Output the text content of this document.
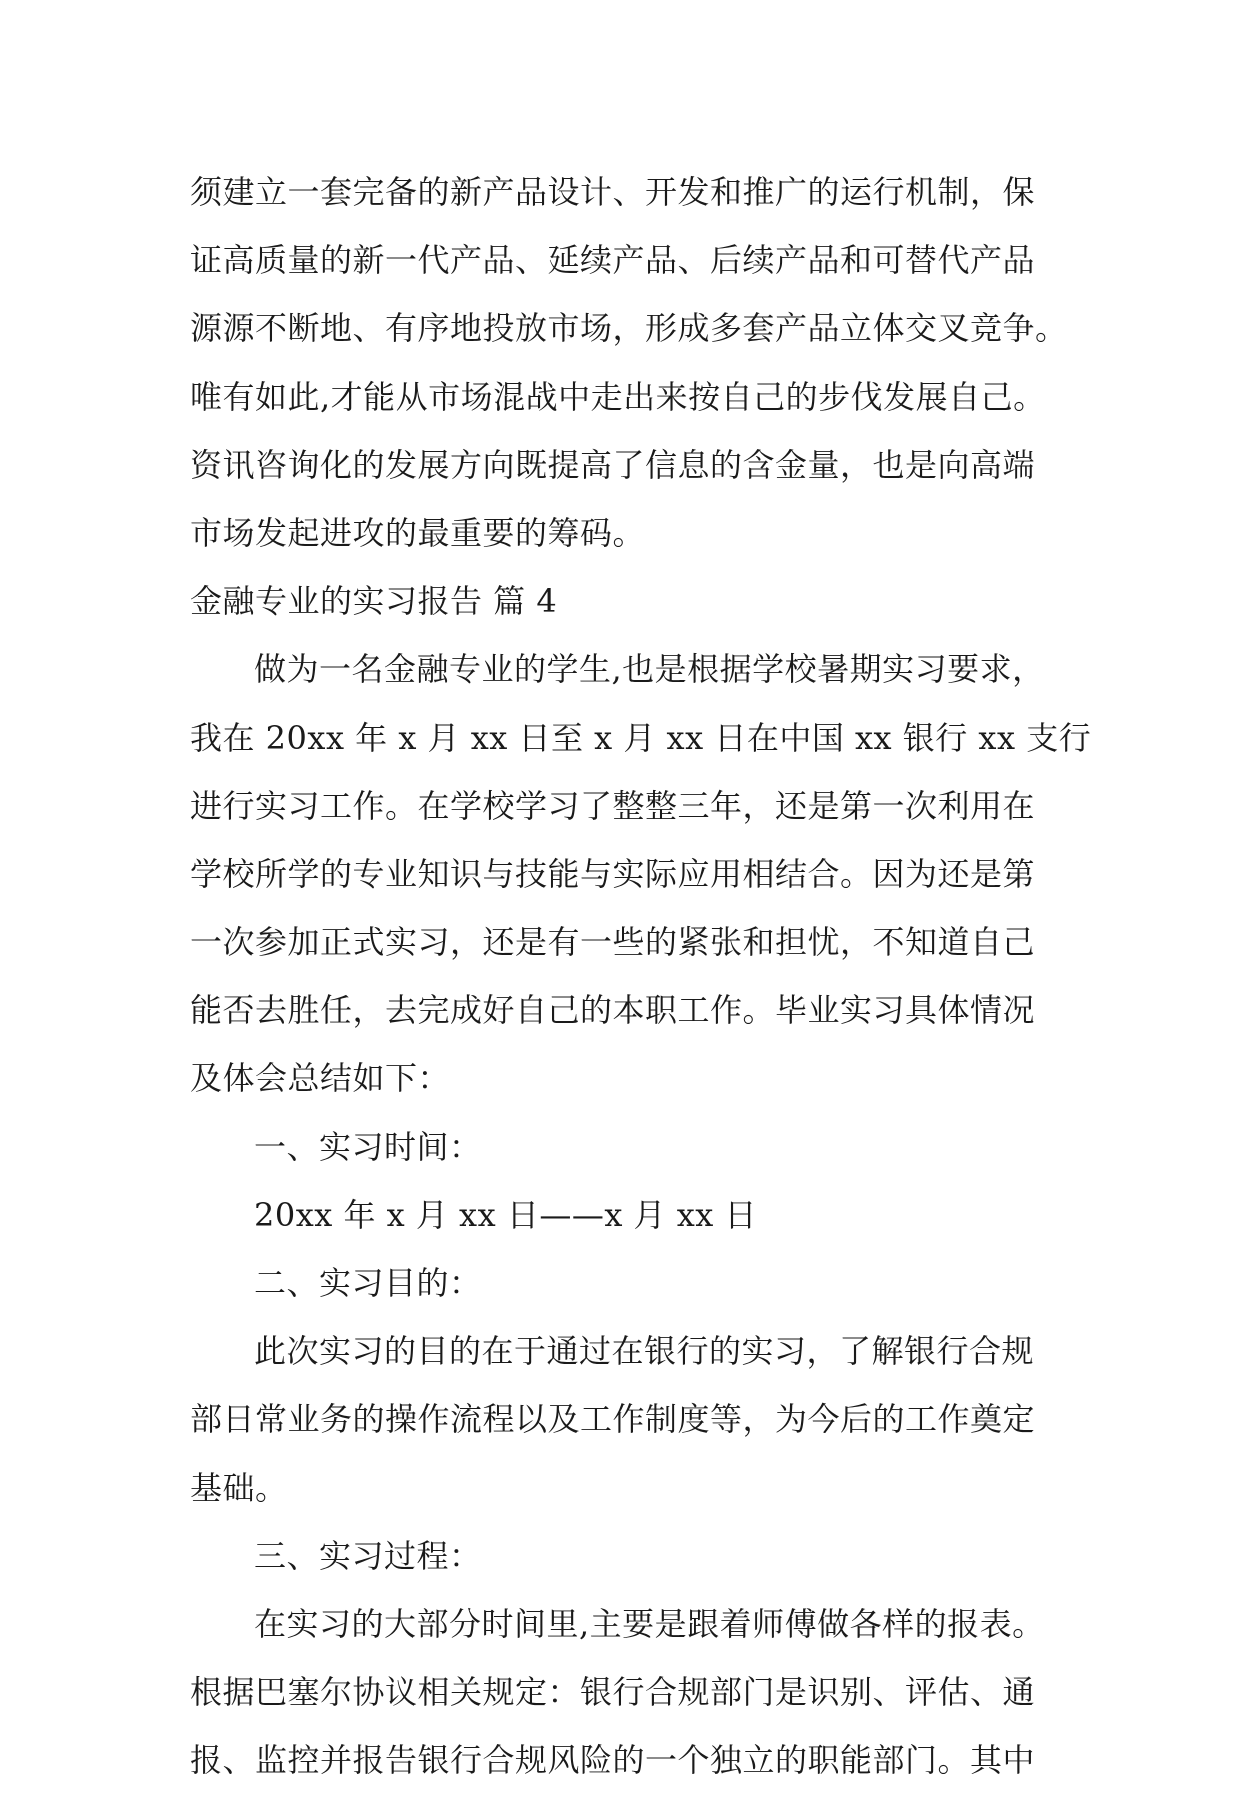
须建立一套完备的新产品设计、开发和推广的运行机制，保
证高质量的新一代产品、延续产品、后续产品和可替代产品
源源不断地、有序地投放市场，形成多套产品立体交叉竞争。
唯有如此,才能从市场混战中走出来按自己的步伐发展自己。
资讯咨询化的发展方向既提高了信息的含金量，也是向高端
市场发起进攻的最重要的筹码。
金融专业的实习报告 篇 4
做为一名金融专业的学生,也是根据学校暑期实习要求，
我在 20xx 年 x 月 xx 日至 x 月 xx 日在中国 xx 银行 xx 支行
进行实习工作。在学校学习了整整三年，还是第一次利用在
学校所学的专业知识与技能与实际应用相结合。因为还是第
一次参加正式实习，还是有一些的紧张和担忧，不知道自己
能否去胜任，去完成好自己的本职工作。毕业实习具体情况
及体会总结如下：
一、实习时间：
20xx 年 x 月 xx 日——x 月 xx 日
二、实习目的：
此次实习的目的在于通过在银行的实习，了解银行合规
部日常业务的操作流程以及工作制度等，为今后的工作奠定
基础。
三、实习过程：
在实习的大部分时间里,主要是跟着师傅做各样的报表。
根据巴塞尔协议相关规定：银行合规部门是识别、评估、通
报、监控并报告银行合规风险的一个独立的职能部门。其中
